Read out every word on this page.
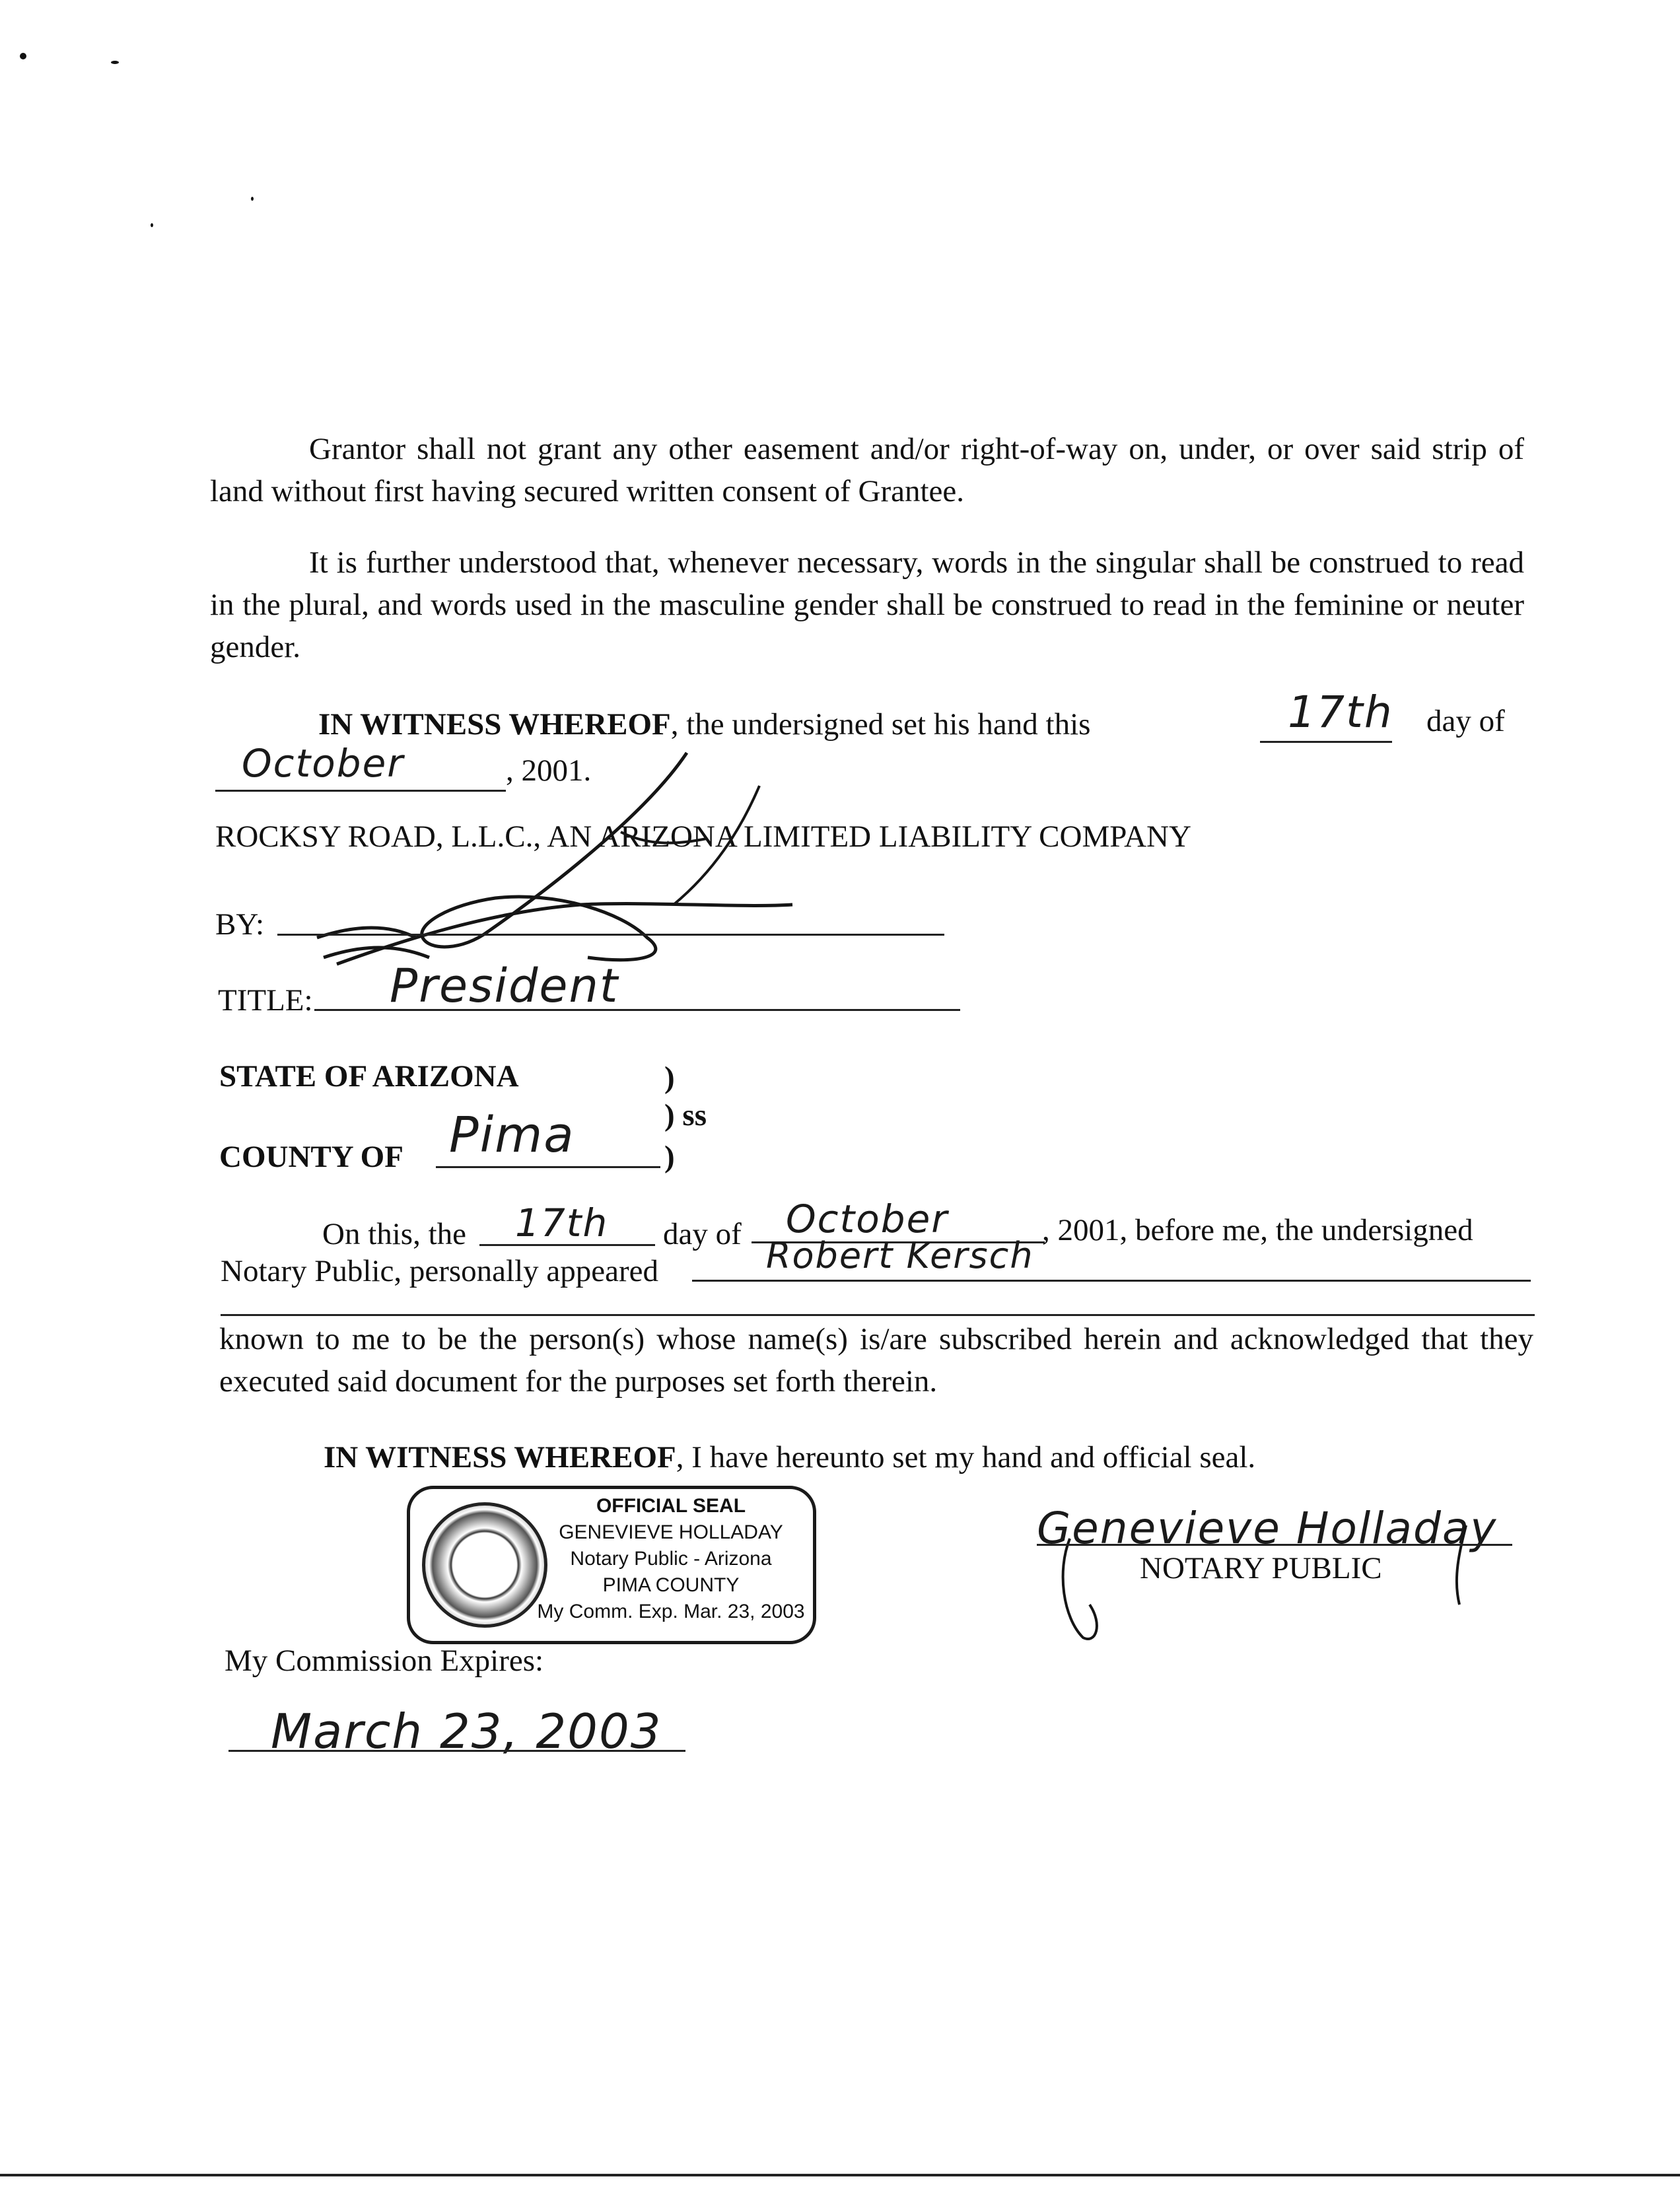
Grantor shall not grant any other easement and/or right-of-way on, under, or over said strip of land without first having secured written consent of Grantee.
It is further understood that, whenever necessary, words in the singular shall be construed to read in the plural, and words used in the masculine gender shall be construed to read in the feminine or neuter gender.
IN WITNESS WHEREOF, the undersigned set his hand this	17th day of
October	, 2001.
ROCKSY ROAD, L.L.C., AN ARIZONA LIMITED LIABILITY COMPANY
BY:
TITLE: President
STATE OF ARIZONA	)
) ss
COUNTY OF Pima	)
On this, the 17th day of October	, 2001, before me, the undersigned
Notary Public, personally appeared	Robert Kersch
known to me to be the person(s) whose name(s) is/are subscribed herein and acknowledged that they executed said document for the purposes set forth therein.
IN WITNESS WHEREOF, I have hereunto set my hand and official seal.
OFFICIAL SEAL
GENEVIEVE HOLLADAY
Notary Public - Arizona
PIMA COUNTY
My Comm. Exp. Mar. 23, 2003
Genevieve Holladay
NOTARY PUBLIC
My Commission Expires:
March 23, 2003
